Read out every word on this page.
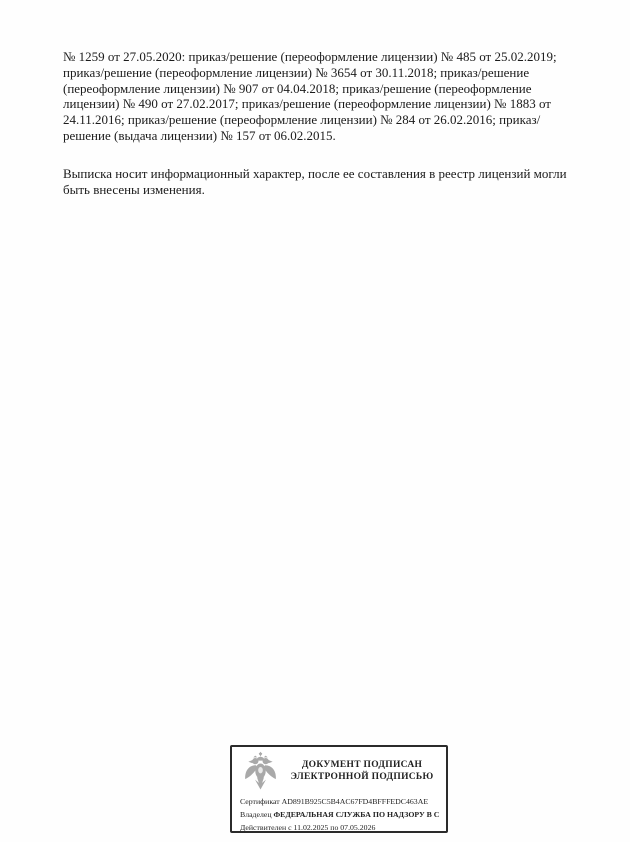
№ 1259 от 27.05.2020: приказ/решение (переоформление лицензии) № 485 от 25.02.2019; приказ/решение (переоформление лицензии) № 3654 от 30.11.2018; приказ/решение (переоформление лицензии) № 907 от 04.04.2018; приказ/решение (переоформление лицензии) № 490 от 27.02.2017; приказ/решение (переоформление лицензии) № 1883 от 24.11.2016; приказ/решение (переоформление лицензии) № 284 от 26.02.2016; приказ/решение (выдача лицензии) № 157 от 06.02.2015.

Выписка носит информационный характер, после ее составления в реестр лицензий могли быть внесены изменения.

ДОКУМЕНТ ПОДПИСАН
ЭЛЕКТРОННОЙ ПОДПИСЬЮ
Сертификат AD891B925C5B4AC67FD4BFFFEDC463AE
Владелец ФЕДЕРАЛЬНАЯ СЛУЖБА ПО НАДЗОРУ В С
Действителен с 11.02.2025 по 07.05.2026
